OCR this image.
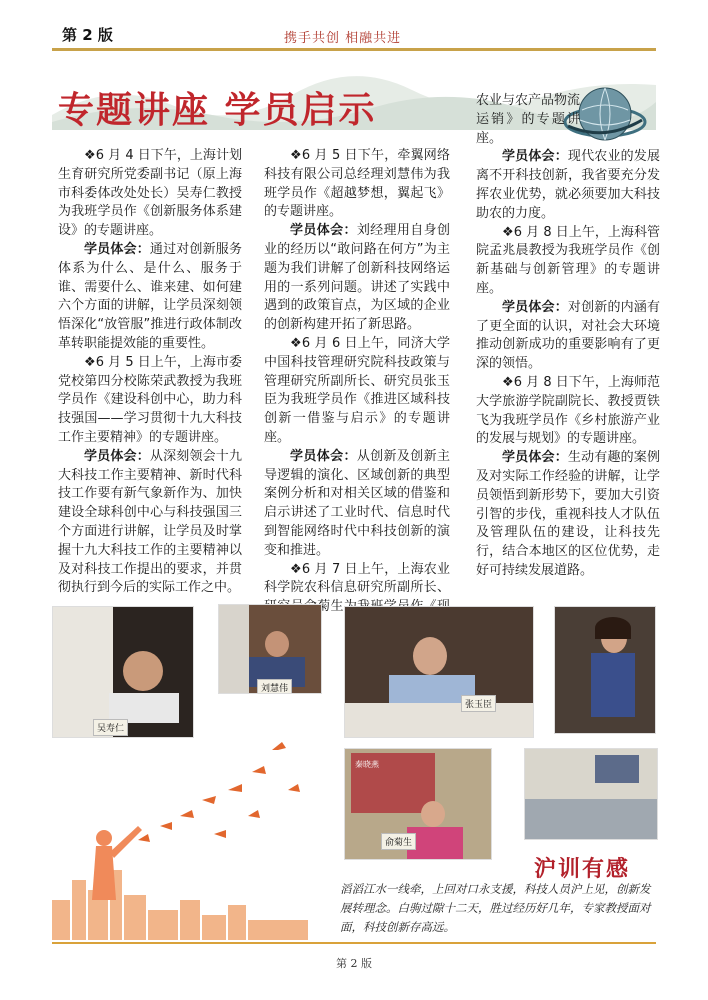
第 2 版	携手共创 相融共进
专题讲座 学员启示

❖6 月 4 日下午，上海计划生育研究所党委副书记（原上海市科委体改处处长）吴寿仁教授为我班学员作《创新服务体系建设》的专题讲座。

学员体会：通过对创新服务体系为什么、是什么、服务于谁、需要什么、谁来建、如何建六个方面的讲解，让学员深刻领悟深化“放管服”推进行政体制改革转职能提效能的重要性。

❖6 月 5 日上午，上海市委党校第四分校陈荣武教授为我班学员作《建设科创中心，助力科技强国——学习贯彻十九大科技工作主要精神》的专题讲座。

学员体会：从深刻领会十九大科技工作主要精神、新时代科技工作要有新气象新作为、加快建设全球科创中心与科技强国三个方面进行讲解，让学员及时掌握十九大科技工作的主要精神以及对科技工作提出的要求，并贯彻执行到今后的实际工作之中。

❖6 月 5 日下午，牵翼网络科技有限公司总经理刘慧伟为我班学员作《超越梦想，翼起飞》的专题讲座。

学员体会：刘经理用自身创业的经历以“敢问路在何方”为主题为我们讲解了创新科技网络运用的一系列问题。讲述了实践中遇到的政策盲点，为区域的企业的创新构建开拓了新思路。

❖6 月 6 日上午，同济大学中国科技管理研究院科技政策与管理研究所副所长、研究员张玉臣为我班学员作《推进区域科技创新一借鉴与启示》的专题讲座。

学员体会：从创新及创新主导逻辑的演化、区域创新的典型案例分析和对相关区域的借鉴和启示讲述了工业时代、信息时代到智能网络时代中科技创新的演变和推进。

❖6 月 7 日上午，上海农业科学院农科信息研究所副所长、 菊生

农业与农产品物流运销》的专题讲座。

学员体会：现代农业的发展离不开科技创新，我省要充分发挥农业优势，就必须要加大科技助农的力度。

❖6 月 8 日上午，上海科管院孟兆晨教授为我班学员作《创新基础与创新管理》的专题讲座。

学员体会：对创新的内涵有了更全面的认识，对社会大环境推动创新成功的重要影响有了更深的领悟。

❖6 月 8 日下午，上海师范大学旅游学院副院长、教授贾铁飞为我班学员作《乡村旅游产业的发展与规划》的专题讲座。

学员体会：生动有趣的案例及对实际工作经验的讲解，让学员领悟到新形势下，要加大引资引智的步伐，重视科技人才队伍及管理队伍的建设，让科技先行，结合本地区的区位优势，走好可持续发展道路。

吴寿仁
刘慧伟
张玉臣
秦晓燕
俞菊生
沪训有感
滔滔江水一线牵，上回对口永支援，科技人员沪上见，创新发展转理念。白驹过隙十二天，胜过经历好几年，专家教授面对面，科技创新存高远。
第 2 版
